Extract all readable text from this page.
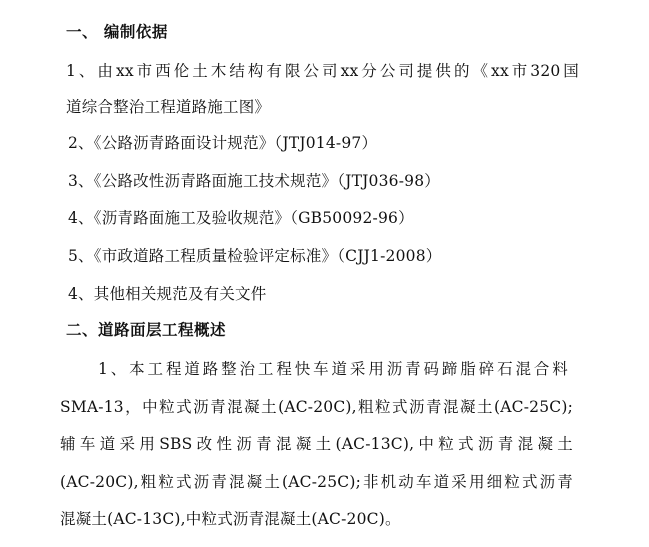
一、 编制依据
1、由xx市西伦土木结构有限公司xx分公司提供的《xx市320国
道综合整治工程道路施工图》
2、《公路沥青路面设计规范》（JTJ014-97）
3、《公路改性沥青路面施工技术规范》（JTJ036-98）
4、《沥青路面施工及验收规范》（GB50092-96）
5、《市政道路工程质量检验评定标准》（CJJ1-2008）
4、其他相关规范及有关文件
二、道路面层工程概述
1、本工程道路整治工程快车道采用沥青码蹄脂碎石混合料
SMA-13，中粒式沥青混凝土(AC-20C),粗粒式沥青混凝土(AC-25C);
辅车道采用SBS改性沥青混凝土(AC-13C),中粒式沥青混凝土
(AC-20C),粗粒式沥青混凝土(AC-25C);非机动车道采用细粒式沥青
混凝土(AC-13C),中粒式沥青混凝土(AC-20C)。
